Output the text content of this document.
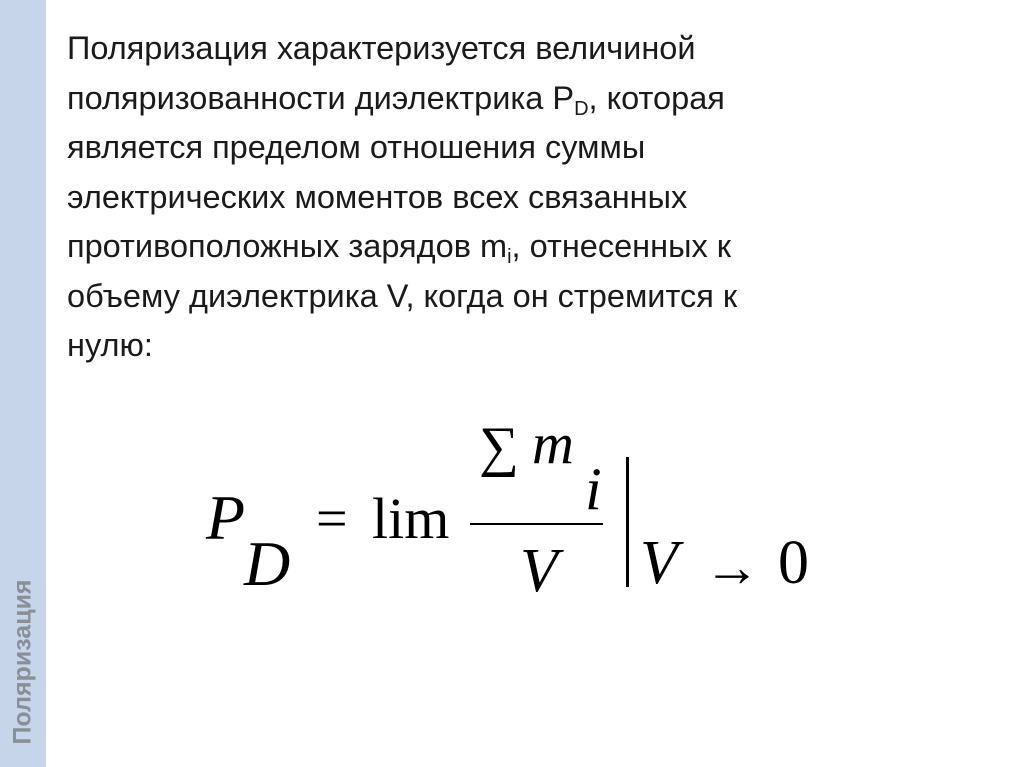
Поляризация
Поляризация характеризуется величиной
поляризованности диэлектрика $P_D$, которая
является пределом отношения суммы
электрических моментов всех связанных
противоположных зарядов $m_i$, отнесенных к
объему диэлектрика V, когда он стремится к
нулю:
P
D
= lim
∑ m
i
V V → 0
